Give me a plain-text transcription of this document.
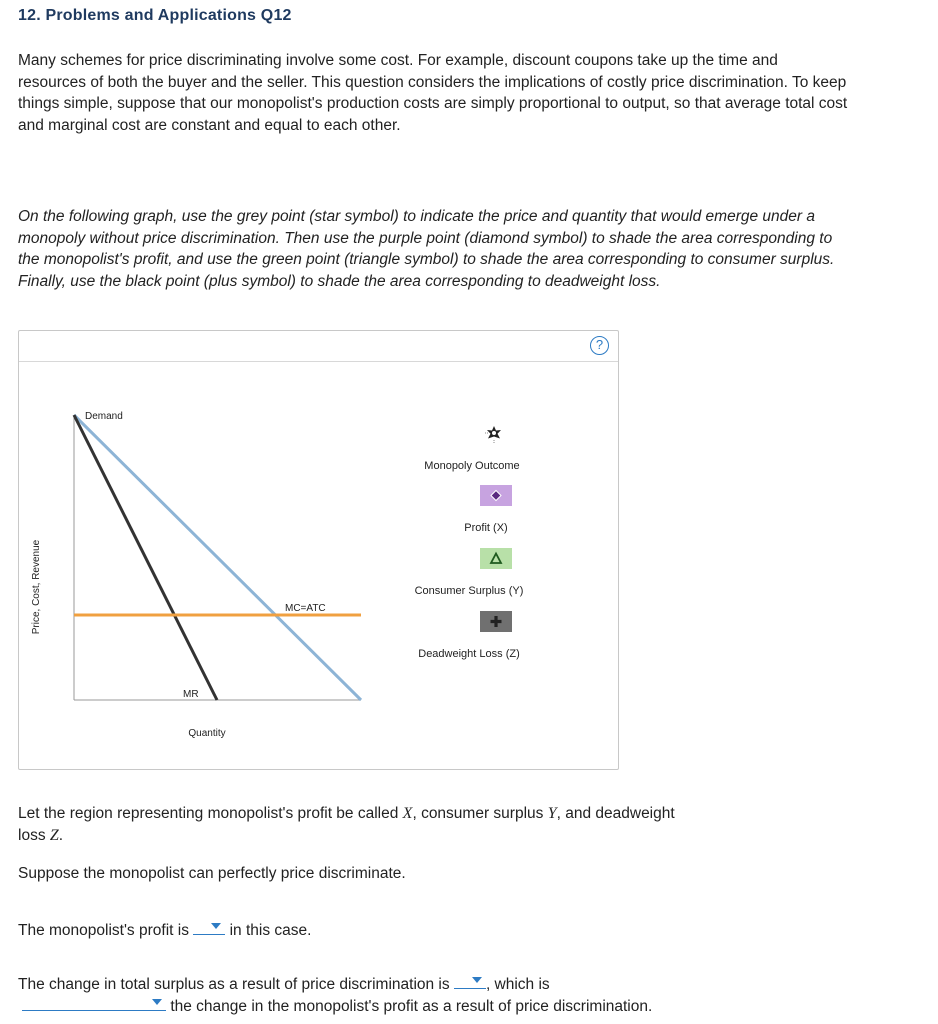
12. Problems and Applications Q12
Many schemes for price discriminating involve some cost. For example, discount coupons take up the time and resources of both the buyer and the seller. This question considers the implications of costly price discrimination. To keep things simple, suppose that our monopolist's production costs are simply proportional to output, so that average total cost and marginal cost are constant and equal to each other.
On the following graph, use the grey point (star symbol) to indicate the price and quantity that would emerge under a monopoly without price discrimination. Then use the purple point (diamond symbol) to shade the area corresponding to the monopolist's profit, and use the green point (triangle symbol) to shade the area corresponding to consumer surplus. Finally, use the black point (plus symbol) to shade the area corresponding to deadweight loss.
?
Price, Cost, Revenue
Demand
MC=ATC
MR
Quantity
Monopoly Outcome
Profit (X)
Consumer Surplus (Y)
Deadweight Loss (Z)
Let the region representing monopolist's profit be called X, consumer surplus Y, and deadweight
loss Z.
Suppose the monopolist can perfectly price discriminate.
The monopolist's profit is	in this case.
The change in total surplus as a result of price discrimination is , which is
the change in the monopolist's profit as a result of price discrimination.
